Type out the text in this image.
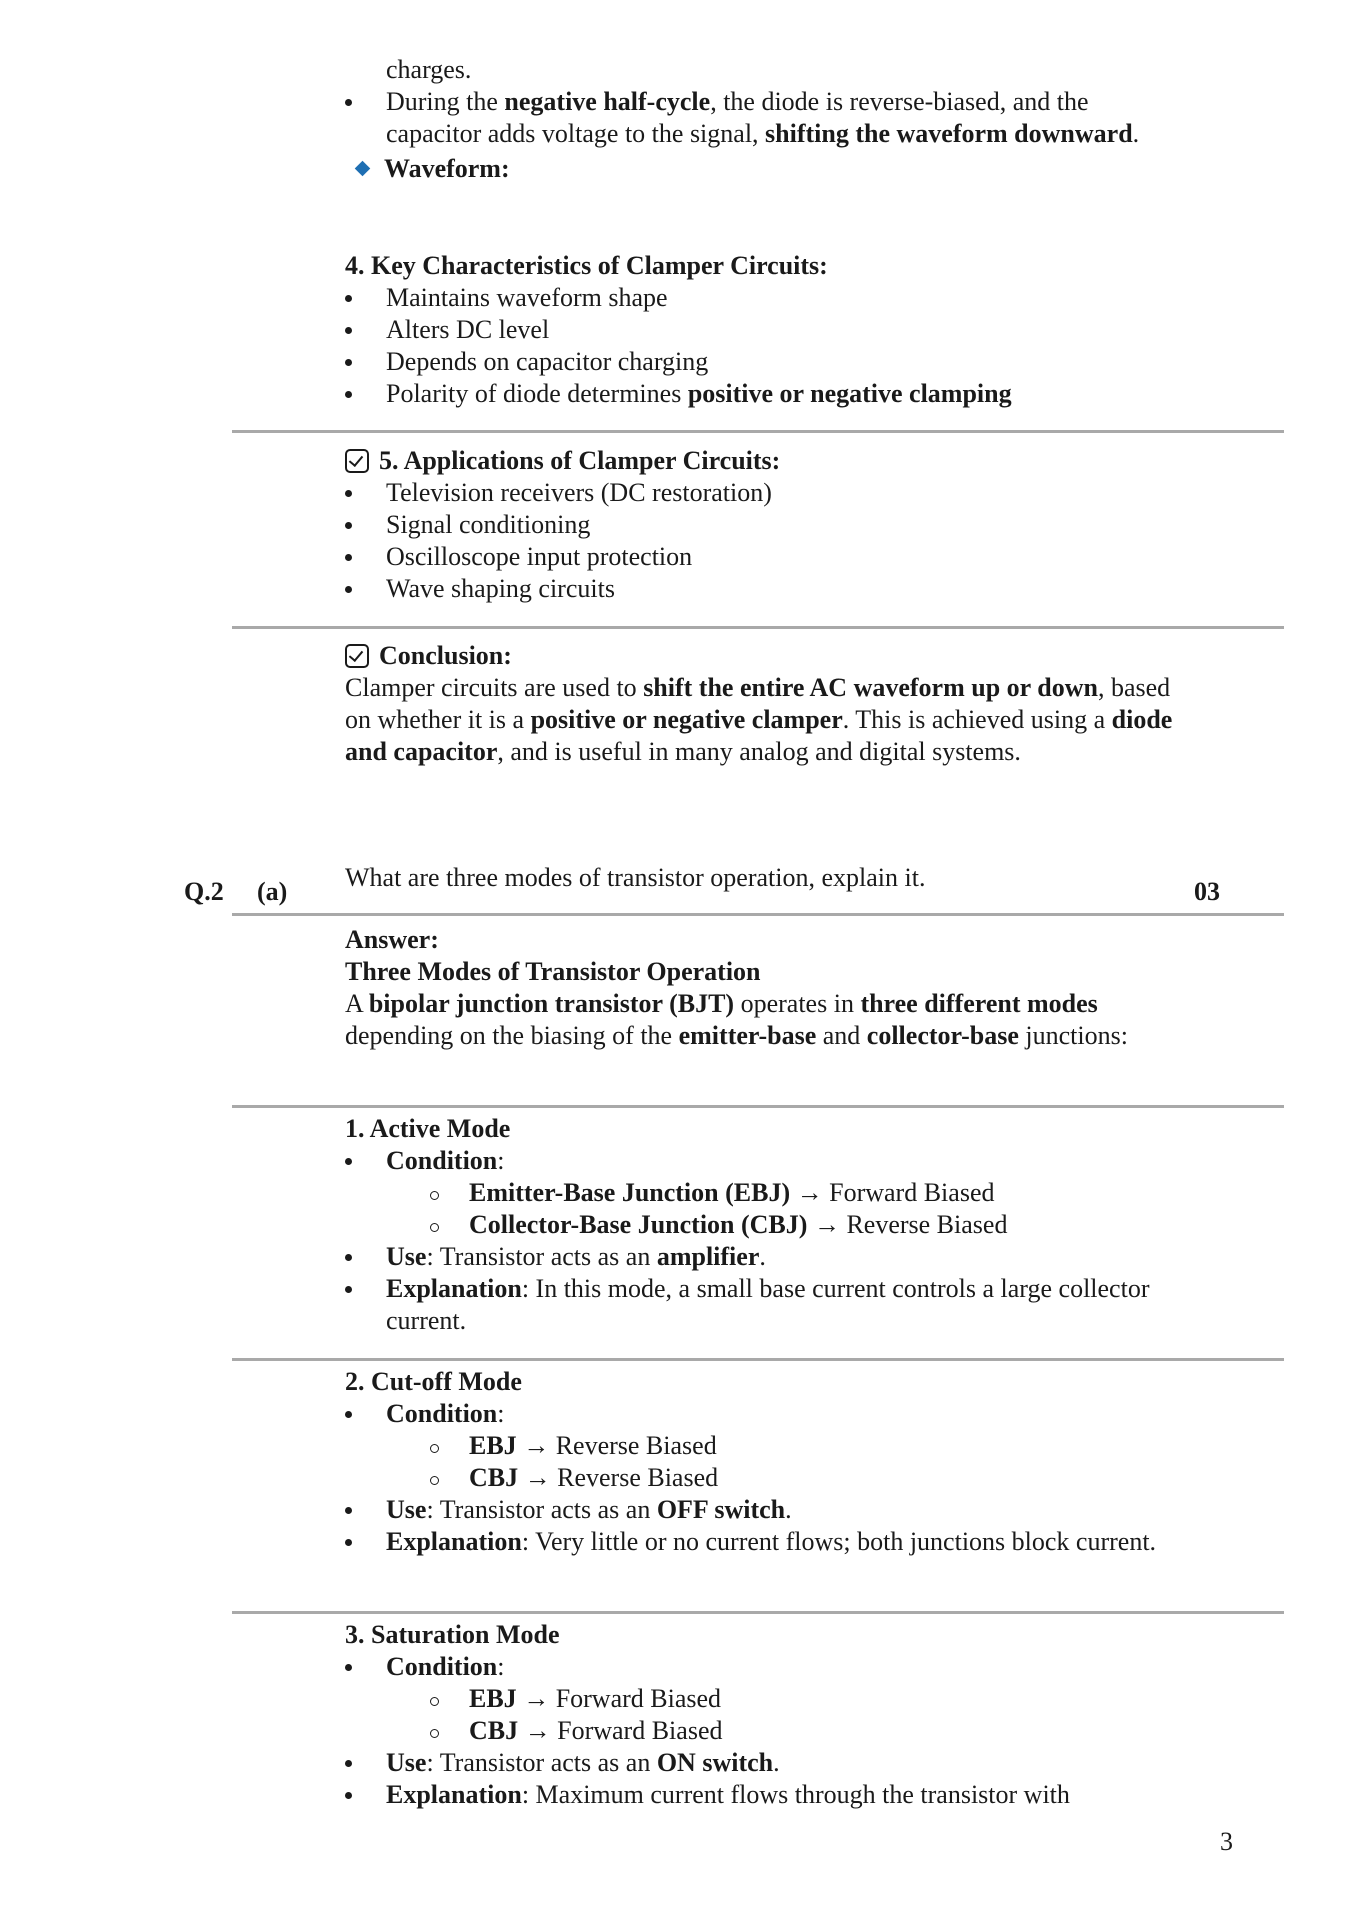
charges.

During the negative half-cycle, the diode is reverse-biased, and the capacitor adds voltage to the signal, shifting the waveform downward.

Waveform:

4. Key Characteristics of Clamper Circuits:

Maintains waveform shape
Alters DC level
Depends on capacitor charging
Polarity of diode determines positive or negative clamping

5. Applications of Clamper Circuits:

Television receivers (DC restoration)
Signal conditioning
Oscilloscope input protection
Wave shaping circuits

Conclusion:

Clamper circuits are used to shift the entire AC waveform up or down, based on whether it is a positive or negative clamper. This is achieved using a diode and capacitor, and is useful in many analog and digital systems.

Q.2 (a) What are three modes of transistor operation, explain it.	03

Answer:

Three Modes of Transistor Operation

A bipolar junction transistor (BJT) operates in three different modes depending on the biasing of the emitter-base and collector-base junctions:

1. Active Mode

Condition:
Emitter-Base Junction (EBJ) → Forward Biased
Collector-Base Junction (CBJ) → Reverse Biased
Use: Transistor acts as an amplifier.
Explanation: In this mode, a small base current controls a large collector current.

2. Cut-off Mode

Condition:
EBJ → Reverse Biased
CBJ → Reverse Biased
Use: Transistor acts as an OFF switch.
Explanation: Very little or no current flows; both junctions block current.

3. Saturation Mode

Condition:
EBJ → Forward Biased
CBJ → Forward Biased
Use: Transistor acts as an ON switch.
Explanation: Maximum current flows through the transistor with
3
